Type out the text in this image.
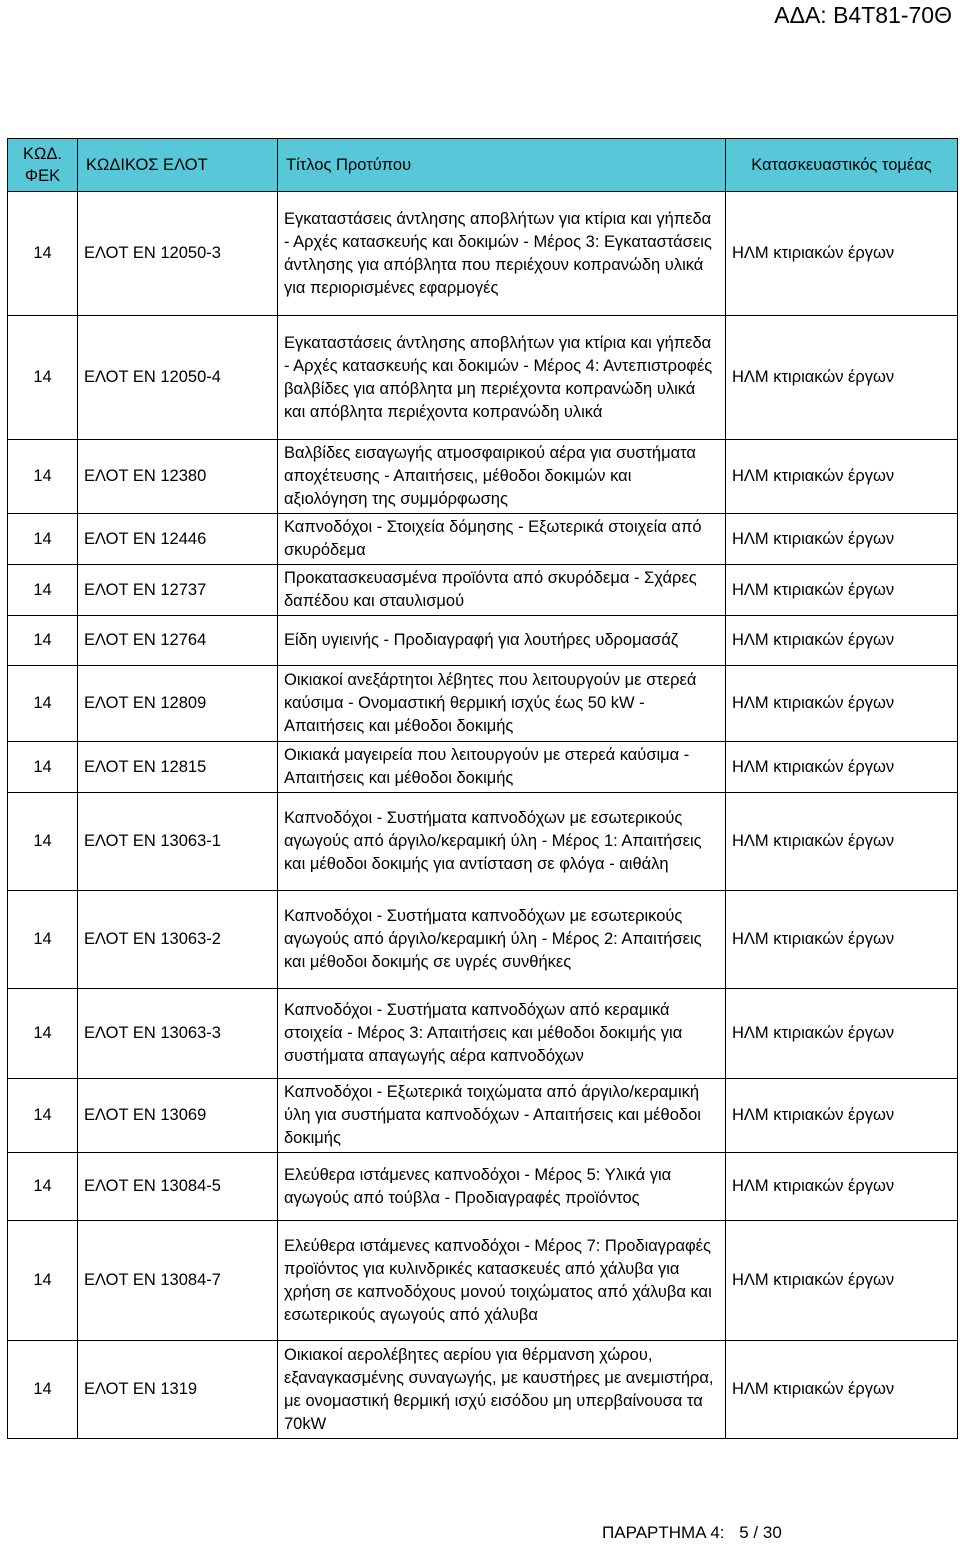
ΑΔΑ: Β4Τ81-70Θ
ΚΩΔ. ΦΕΚ	ΚΩΔΙΚΟΣ ΕΛΟΤ	Τίτλος Προτύπου	Κατασκευαστικός τομέας
14	ΕΛΟΤ EN 12050-3	Εγκαταστάσεις άντλησης αποβλήτων για κτίρια και γήπεδα - Αρχές κατασκευής και δοκιμών - Μέρος 3: Εγκαταστάσεις άντλησης για απόβλητα που περιέχουν κοπρανώδη υλικά για περιορισμένες εφαρμογές	ΗΛΜ κτιριακών έργων
14	ΕΛΟΤ EN 12050-4	Εγκαταστάσεις άντλησης αποβλήτων για κτίρια και γήπεδα - Αρχές κατασκευής και δοκιμών - Μέρος 4: Αντεπιστροφές βαλβίδες για απόβλητα μη περιέχοντα κοπρανώδη υλικά και απόβλητα περιέχοντα κοπρανώδη υλικά	ΗΛΜ κτιριακών έργων
14	ΕΛΟΤ EN 12380	Βαλβίδες εισαγωγής ατμοσφαιρικού αέρα για συστήματα αποχέτευσης - Απαιτήσεις, μέθοδοι δοκιμών και αξιολόγηση της συμμόρφωσης	ΗΛΜ κτιριακών έργων
14	ΕΛΟΤ EN 12446	Καπνοδόχοι - Στοιχεία δόμησης - Εξωτερικά στοιχεία από σκυρόδεμα	ΗΛΜ κτιριακών έργων
14	ΕΛΟΤ EN 12737	Προκατασκευασμένα προϊόντα από σκυρόδεμα - Σχάρες δαπέδου και σταυλισμού	ΗΛΜ κτιριακών έργων
14	ΕΛΟΤ EN 12764	Είδη υγιεινής - Προδιαγραφή για λουτήρες υδρομασάζ	ΗΛΜ κτιριακών έργων
14	ΕΛΟΤ EN 12809	Οικιακοί ανεξάρτητοι λέβητες που λειτουργούν με στερεά καύσιμα - Ονομαστική θερμική ισχύς έως 50 kW - Απαιτήσεις και μέθοδοι δοκιμής	ΗΛΜ κτιριακών έργων
14	ΕΛΟΤ EN 12815	Οικιακά μαγειρεία που λειτουργούν με στερεά καύσιμα - Απαιτήσεις και μέθοδοι δοκιμής	ΗΛΜ κτιριακών έργων
14	ΕΛΟΤ EN 13063-1	Καπνοδόχοι - Συστήματα καπνοδόχων με εσωτερικούς αγωγούς από άργιλο/κεραμική ύλη - Μέρος 1: Απαιτήσεις και μέθοδοι δοκιμής για αντίσταση σε φλόγα - αιθάλη	ΗΛΜ κτιριακών έργων
14	ΕΛΟΤ EN 13063-2	Καπνοδόχοι - Συστήματα καπνοδόχων με εσωτερικούς αγωγούς από άργιλο/κεραμική ύλη - Μέρος 2: Απαιτήσεις και μέθοδοι δοκιμής σε υγρές συνθήκες	ΗΛΜ κτιριακών έργων
14	ΕΛΟΤ EN 13063-3	Καπνοδόχοι - Συστήματα καπνοδόχων από κεραμικά στοιχεία - Μέρος 3: Απαιτήσεις και μέθοδοι δοκιμής για συστήματα απαγωγής αέρα καπνοδόχων	ΗΛΜ κτιριακών έργων
14	ΕΛΟΤ EN 13069	Καπνοδόχοι - Εξωτερικά τοιχώματα από άργιλο/κεραμική ύλη για συστήματα καπνοδόχων - Απαιτήσεις και μέθοδοι δοκιμής	ΗΛΜ κτιριακών έργων
14	ΕΛΟΤ EN 13084-5	Ελεύθερα ιστάμενες καπνοδόχοι - Μέρος 5: Υλικά για αγωγούς από τούβλα - Προδιαγραφές προϊόντος	ΗΛΜ κτιριακών έργων
14	ΕΛΟΤ EN 13084-7	Ελεύθερα ιστάμενες καπνοδόχοι - Μέρος 7: Προδιαγραφές προϊόντος για κυλινδρικές κατασκευές από χάλυβα για χρήση σε καπνοδόχους μονού τοιχώματος από χάλυβα και εσωτερικούς αγωγούς από χάλυβα	ΗΛΜ κτιριακών έργων
14	ΕΛΟΤ EN 1319	Οικιακοί αερολέβητες αερίου για θέρμανση χώρου, εξαναγκασμένης συναγωγής, με καυστήρες με ανεμιστήρα, με ονομαστική θερμική ισχύ εισόδου μη υπερβαίνουσα τα 70kW	ΗΛΜ κτιριακών έργων
ΠΑΡΑΡΤΗΜΑ 4: 5 / 30
